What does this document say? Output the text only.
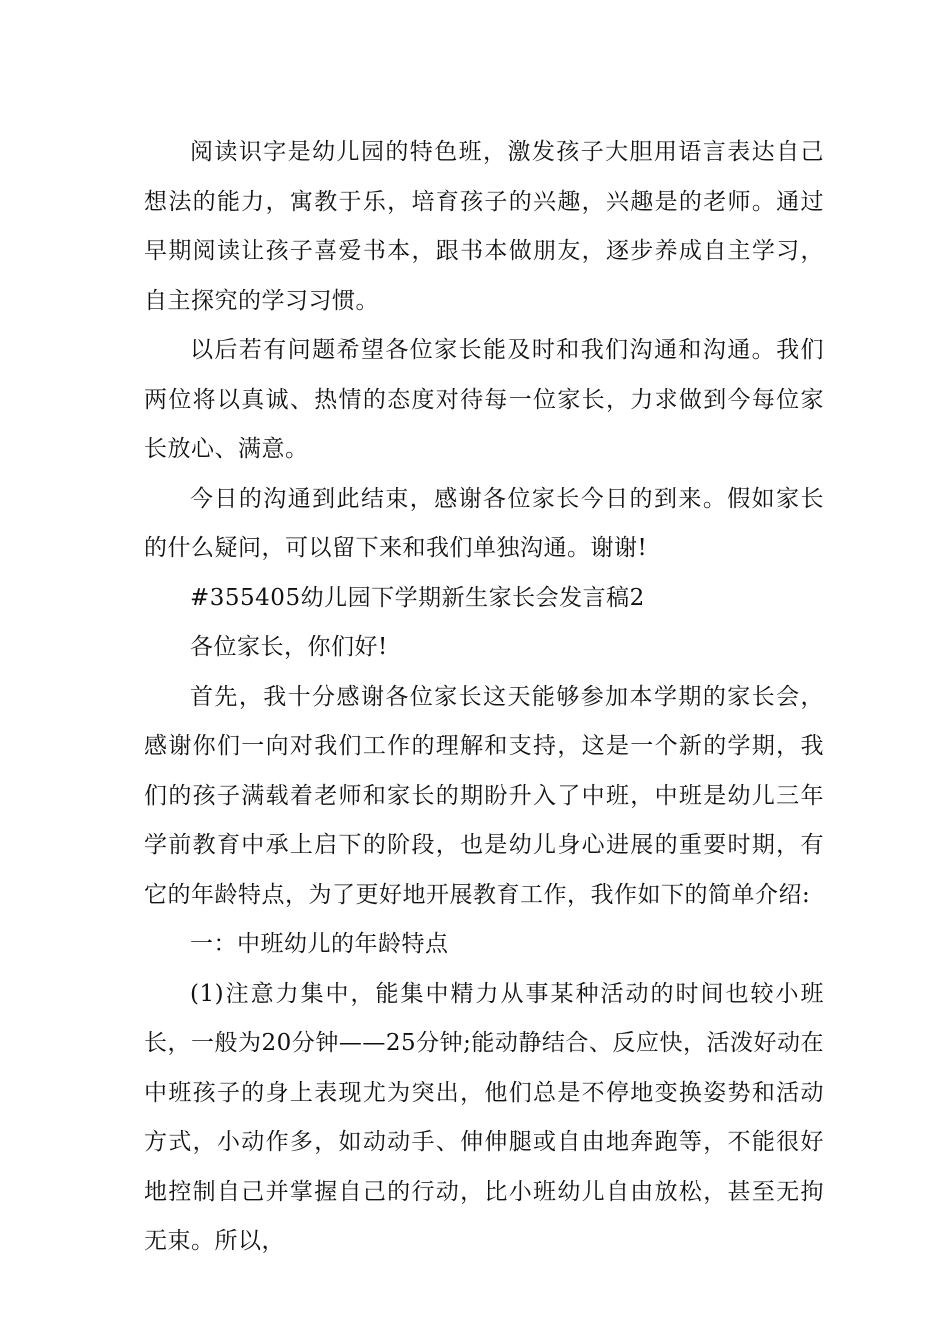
阅读识字是幼儿园的特色班，激发孩子大胆用语言表达自己想法的能力，寓教于乐，培育孩子的兴趣，兴趣是的老师。通过早期阅读让孩子喜爱书本，跟书本做朋友，逐步养成自主学习，自主探究的学习习惯。

以后若有问题希望各位家长能及时和我们沟通和沟通。我们两位将以真诚、热情的态度对待每一位家长，力求做到今每位家长放心、满意。

今日的沟通到此结束，感谢各位家长今日的到来。假如家长的什么疑问，可以留下来和我们单独沟通。谢谢!

#355405幼儿园下学期新生家长会发言稿2

各位家长，你们好!

首先，我十分感谢各位家长这天能够参加本学期的家长会，感谢你们一向对我们工作的理解和支持，这是一个新的学期，我们的孩子满载着老师和家长的期盼升入了中班，中班是幼儿三年学前教育中承上启下的阶段，也是幼儿身心进展的重要时期，有它的年龄特点，为了更好地开展教育工作，我作如下的简单介绍:

一：中班幼儿的年龄特点

(1)注意力集中，能集中精力从事某种活动的时间也较小班长，一般为20分钟——25分钟;能动静结合、反应快，活泼好动在中班孩子的身上表现尤为突出，他们总是不停地变换姿势和活动方式，小动作多，如动动手、伸伸腿或自由地奔跑等，不能很好地控制自己并掌握自己的行动，比小班幼儿自由放松，甚至无拘无束。所以，
